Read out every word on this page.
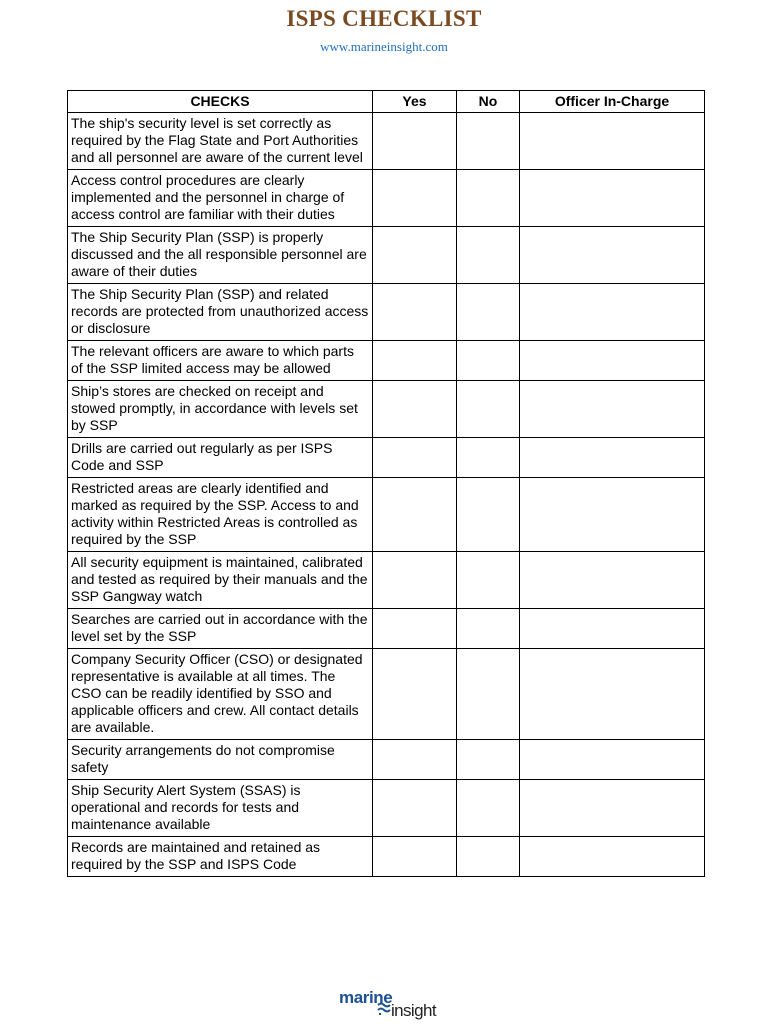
ISPS CHECKLIST
www.marineinsight.com
CHECKS	Yes	No	Officer In-Charge
The ship's security level is set correctly as required by the Flag State and Port Authorities and all personnel are aware of the current level			
Access control procedures are clearly implemented and the personnel in charge of access control are familiar with their duties			
The Ship Security Plan (SSP) is properly discussed and the all responsible personnel are aware of their duties			
The Ship Security Plan (SSP) and related records are protected from unauthorized access or disclosure			
The relevant officers are aware to which parts of the SSP limited access may be allowed			
Ship’s stores are checked on receipt and stowed promptly, in accordance with levels set by SSP			
Drills are carried out regularly as per ISPS Code and SSP			
Restricted areas are clearly identified and marked as required by the SSP. Access to and activity within Restricted Areas is controlled as required by the SSP			
All security equipment is maintained, calibrated and tested as required by their manuals and the SSP Gangway watch			
Searches are carried out in accordance with the level set by the SSP			
Company Security Officer (CSO) or designated representative is available at all times. The CSO can be readily identified by SSO and applicable officers and crew. All contact details are available.			
Security arrangements do not compromise safety			
Ship Security Alert System (SSAS) is operational and records for tests and maintenance available			
Records are maintained and retained as required by the SSP and ISPS Code			
marine
insight
